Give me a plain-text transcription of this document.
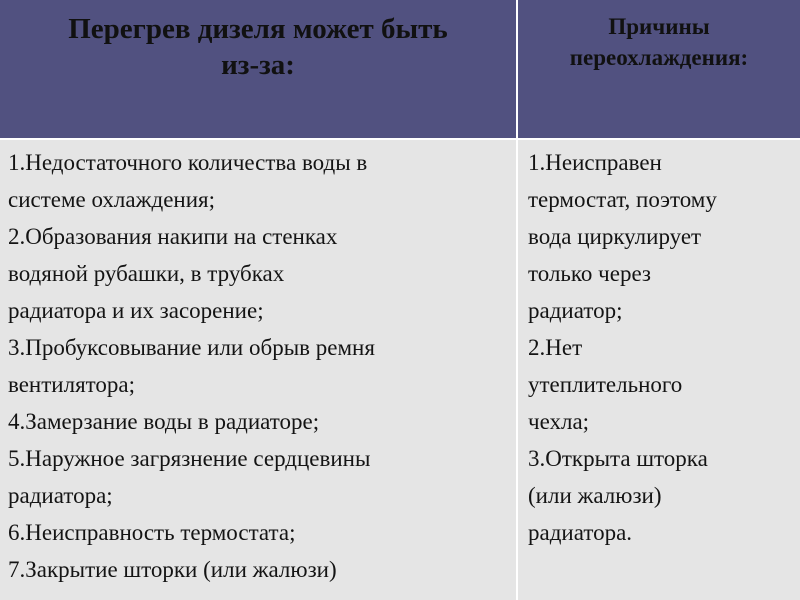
Перегрев дизеля может быть
из-за:
Причины
переохлаждения:
1.Недостаточного количества воды в
системе охлаждения;
2.Образования накипи на стенках
водяной рубашки, в трубках
радиатора и их засорение;
3.Пробуксовывание или обрыв ремня
вентилятора;
4.Замерзание воды в радиаторе;
5.Наружное загрязнение сердцевины
радиатора;
6.Неисправность термостата;
7.Закрытие шторки (или жалюзи)
1.Неисправен
термостат, поэтому
вода циркулирует
только через
радиатор;
2.Нет
утеплительного
чехла;
3.Открыта шторка
(или жалюзи)
радиатора.
